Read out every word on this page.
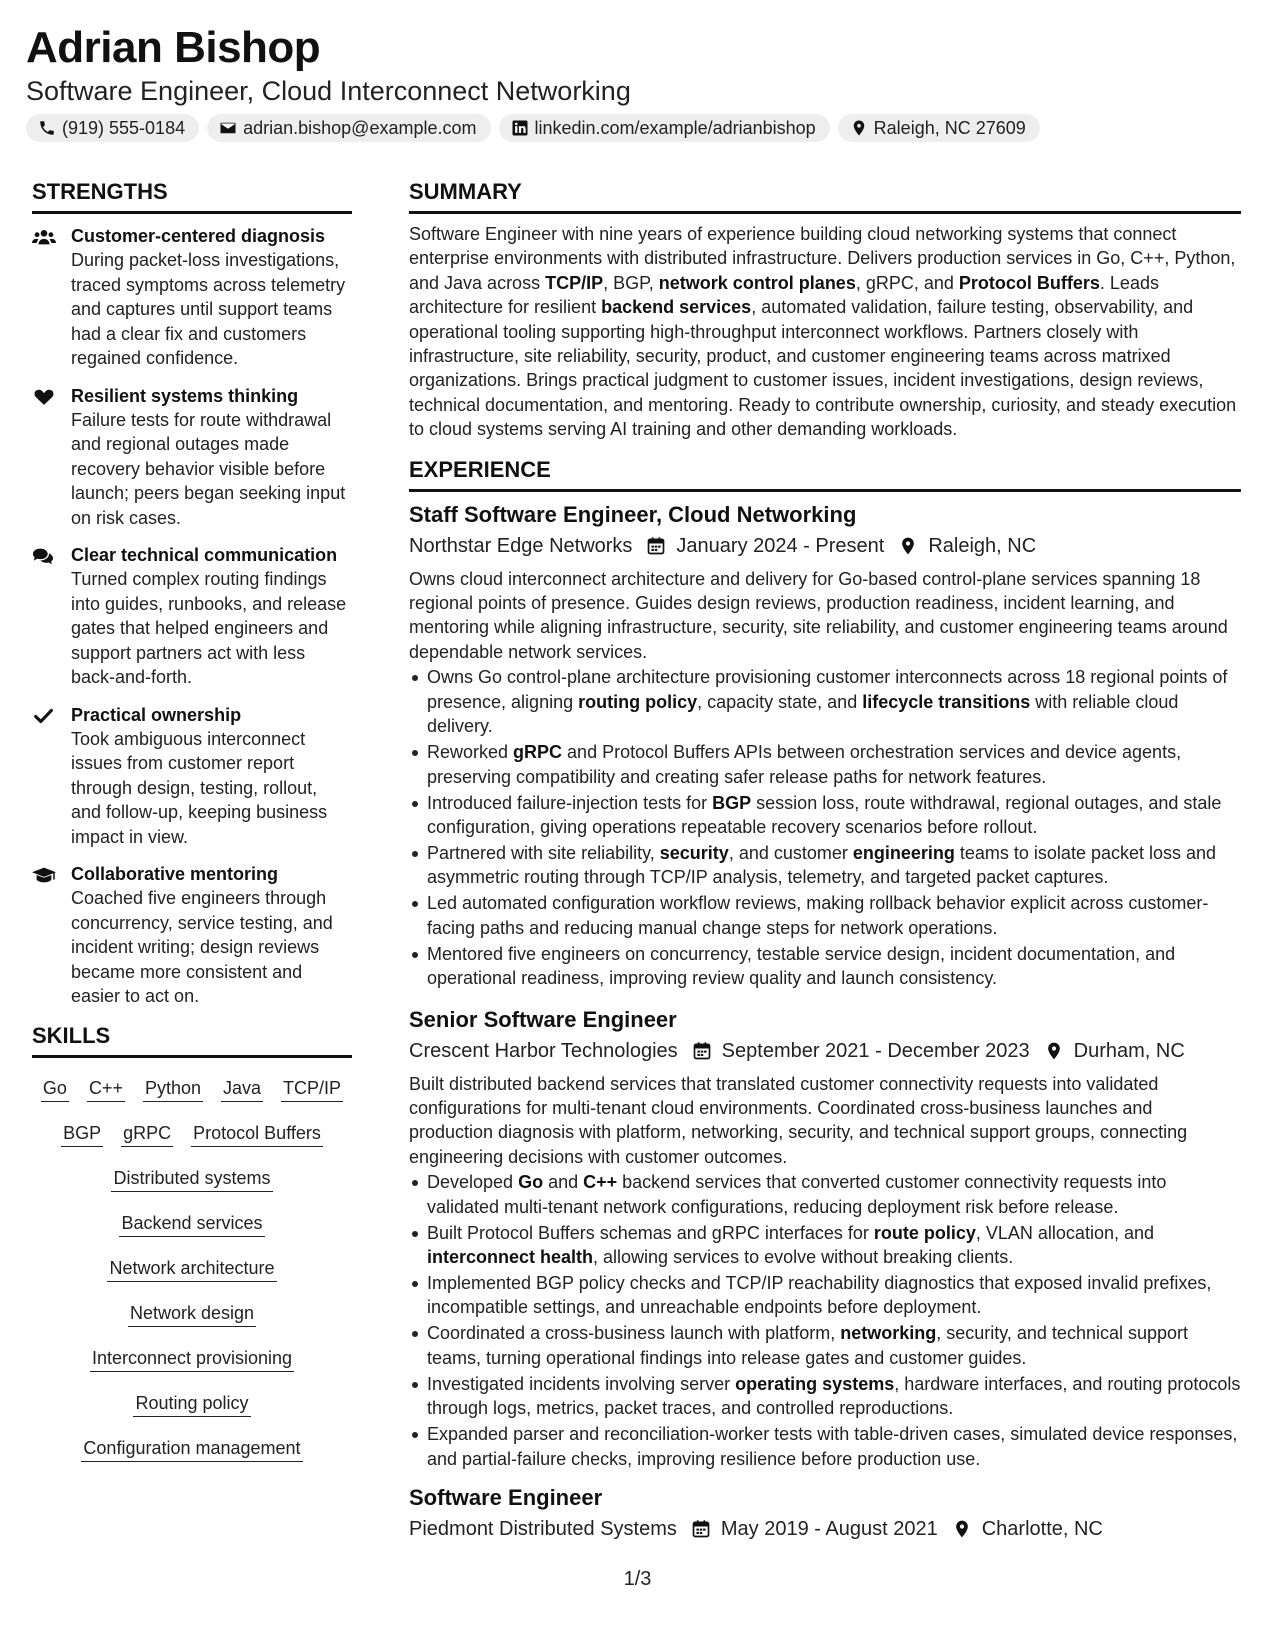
Adrian Bishop
Software Engineer, Cloud Interconnect Networking
(919) 555-0184	adrian.bishop@example.com	linkedin.com/example/adrianbishop	Raleigh, NC 27609
STRENGTHS
Customer-centered diagnosis
During packet-loss investigations, traced symptoms across telemetry and captures until support teams had a clear fix and customers regained confidence.
Resilient systems thinking
Failure tests for route withdrawal and regional outages made recovery behavior visible before launch; peers began seeking input on risk cases.
Clear technical communication
Turned complex routing findings into guides, runbooks, and release gates that helped engineers and support partners act with less back-and-forth.
Practical ownership
Took ambiguous interconnect issues from customer report through design, testing, rollout, and follow-up, keeping business impact in view.
Collaborative mentoring
Coached five engineers through concurrency, service testing, and incident writing; design reviews became more consistent and easier to act on.
SKILLS
Go C++ Python Java TCP/IP
BGP gRPC Protocol Buffers
Distributed systems
Backend services
Network architecture
Network design
Interconnect provisioning
Routing policy
Configuration management
SUMMARY
Software Engineer with nine years of experience building cloud networking systems that connect enterprise environments with distributed infrastructure. Delivers production services in Go, C++, Python, and Java across TCP/IP, BGP, network control planes, gRPC, and Protocol Buffers. Leads architecture for resilient backend services, automated validation, failure testing, observability, and operational tooling supporting high-throughput interconnect workflows. Partners closely with infrastructure, site reliability, security, product, and customer engineering teams across matrixed organizations. Brings practical judgment to customer issues, incident investigations, design reviews, technical documentation, and mentoring. Ready to contribute ownership, curiosity, and steady execution to cloud systems serving AI training and other demanding workloads.
EXPERIENCE
Staff Software Engineer, Cloud Networking
Northstar Edge Networks January 2024 - Present Raleigh, NC
Owns cloud interconnect architecture and delivery for Go-based control-plane services spanning 18 regional points of presence. Guides design reviews, production readiness, incident learning, and mentoring while aligning infrastructure, security, site reliability, and customer engineering teams around dependable network services.
Owns Go control-plane architecture provisioning customer interconnects across 18 regional points of presence, aligning routing policy, capacity state, and lifecycle transitions with reliable cloud delivery.
Reworked gRPC and Protocol Buffers APIs between orchestration services and device agents, preserving compatibility and creating safer release paths for network features.
Introduced failure-injection tests for BGP session loss, route withdrawal, regional outages, and stale configuration, giving operations repeatable recovery scenarios before rollout.
Partnered with site reliability, security, and customer engineering teams to isolate packet loss and asymmetric routing through TCP/IP analysis, telemetry, and targeted packet captures.
Led automated configuration workflow reviews, making rollback behavior explicit across customer-facing paths and reducing manual change steps for network operations.
Mentored five engineers on concurrency, testable service design, incident documentation, and operational readiness, improving review quality and launch consistency.
Senior Software Engineer
Crescent Harbor Technologies September 2021 - December 2023 Durham, NC
Built distributed backend services that translated customer connectivity requests into validated configurations for multi-tenant cloud environments. Coordinated cross-business launches and production diagnosis with platform, networking, security, and technical support groups, connecting engineering decisions with customer outcomes.
Developed Go and C++ backend services that converted customer connectivity requests into validated multi-tenant network configurations, reducing deployment risk before release.
Built Protocol Buffers schemas and gRPC interfaces for route policy, VLAN allocation, and interconnect health, allowing services to evolve without breaking clients.
Implemented BGP policy checks and TCP/IP reachability diagnostics that exposed invalid prefixes, incompatible settings, and unreachable endpoints before deployment.
Coordinated a cross-business launch with platform, networking, security, and technical support teams, turning operational findings into release gates and customer guides.
Investigated incidents involving server operating systems, hardware interfaces, and routing protocols through logs, metrics, packet traces, and controlled reproductions.
Expanded parser and reconciliation-worker tests with table-driven cases, simulated device responses, and partial-failure checks, improving resilience before production use.
Software Engineer
Piedmont Distributed Systems May 2019 - August 2021 Charlotte, NC
1/3
